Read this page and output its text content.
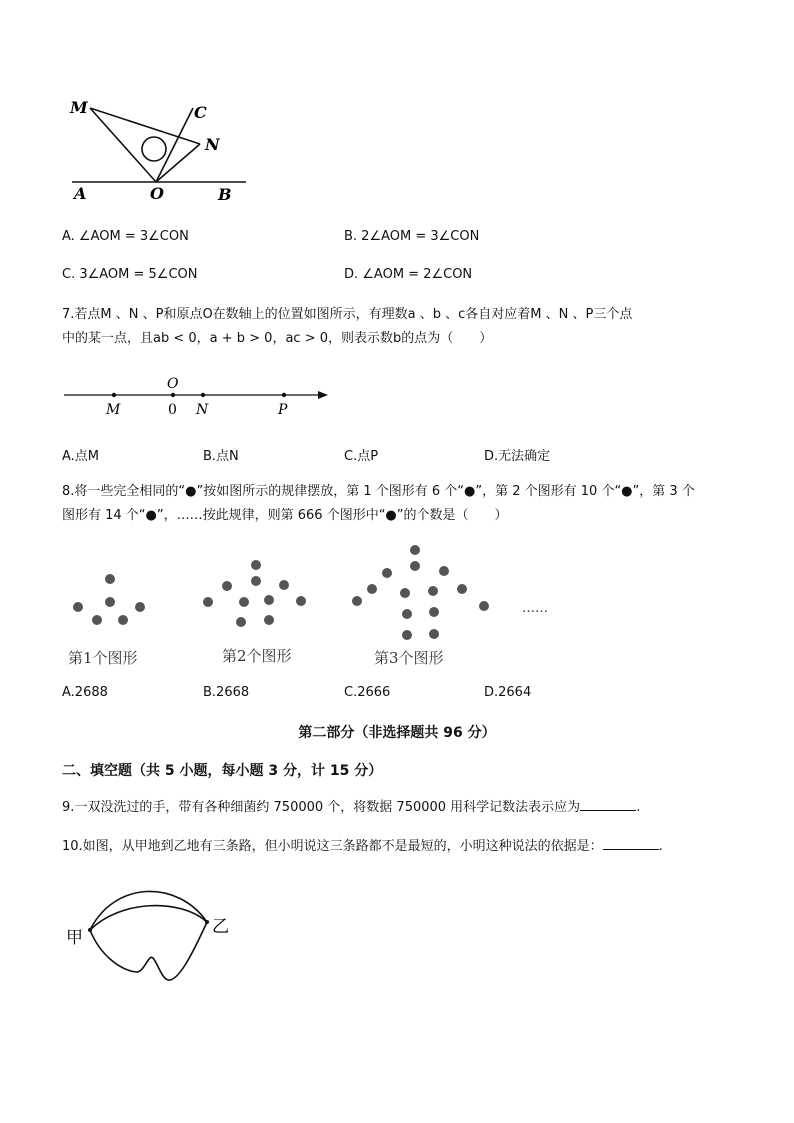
M	C
N
A	O	B
A. ∠AOM = 3∠CON	B. 2∠AOM = 3∠CON
C. 3∠AOM = 5∠CON	D. ∠AOM = 2∠CON
7.若点M 、N 、P和原点O在数轴上的位置如图所示，有理数a 、b 、c各自对应着M 、N 、P三个点
中的某一点，且ab < 0，a + b > 0，ac > 0，则表示数b的点为（　　）
O
0
M	N	P
A.点M	B.点N	C.点P	D.无法确定
8.将一些完全相同的“●”按如图所示的规律摆放，第 1 个图形有 6 个“●”，第 2 个图形有 10 个“●”，第 3 个
图形有 14 个“●”，……按此规律，则第 666 个图形中“●”的个数是（　　）
……
第1个图形	第2个图形	第3个图形
A.2688	B.2668	C.2666	D.2664
第二部分（非选择题共 96 分）
二、填空题（共 5 小题，每小题 3 分，计 15 分）
9.一双没洗过的手，带有各种细菌约 750000 个，将数据 750000 用科学记数法表示应为	.
10.如图，从甲地到乙地有三条路，但小明说这三条路都不是最短的，小明这种说法的依据是：	.
甲
乙
